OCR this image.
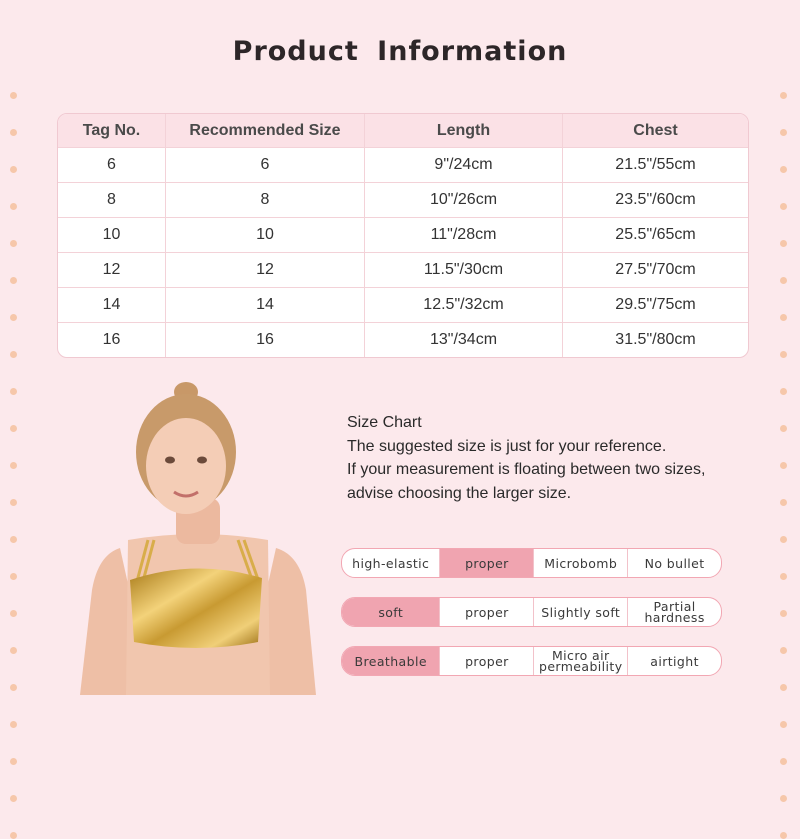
Product Information
Tag No.	Recommended Size	Length	Chest
6	6	9"/24cm	21.5"/55cm
8	8	10"/26cm	23.5"/60cm
10	10	11"/28cm	25.5"/65cm
12	12	11.5"/30cm	27.5"/70cm
14	14	12.5"/32cm	29.5"/75cm
16	16	13"/34cm	31.5"/80cm
Size Chart
The suggested size is just for your reference.
If your measurement is floating between two sizes,
advise choosing the larger size.
high-elastic	proper	Microbomb	No bullet
soft	proper	Slightly soft	Partial hardness
Breathable	proper	Micro air permeability	airtight
